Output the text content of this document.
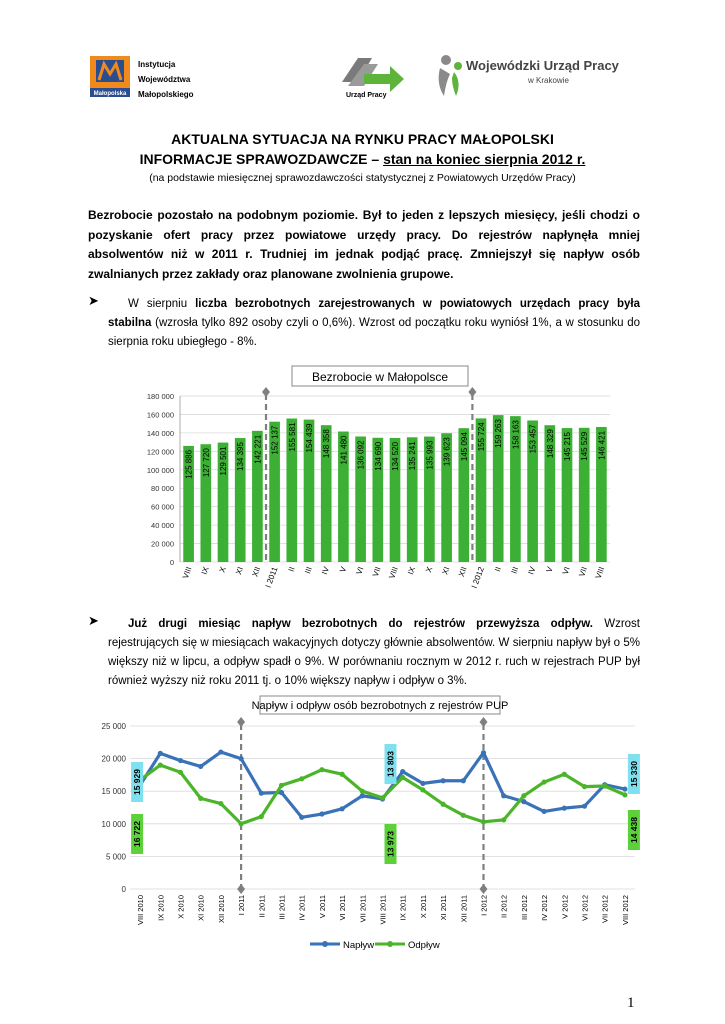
Małopolska
Instytucja
Województwa
Małopolskiego	Urząd Pracy
Wojewódzki Urząd Pracy
w Krakowie
AKTUALNA SYTUACJA NA RYNKU PRACY MAŁOPOLSKI
INFORMACJE SPRAWOZDAWCZE – stan na koniec sierpnia 2012 r.
(na podstawie miesięcznej sprawozdawczości statystycznej z Powiatowych Urzędów Pracy)
Bezrobocie pozostało na podobnym poziomie. Był to jeden z lepszych miesięcy, jeśli chodzi o pozyskanie ofert pracy przez powiatowe urzędy pracy. Do rejestrów napłynęła mniej absolwentów niż w 2011 r. Trudniej im jednak podjąć pracę. Zmniejszył się napływ osób zwalnianych przez zakłady oraz planowane zwolnienia grupowe.
➤	W sierpniu liczba bezrobotnych zarejestrowanych w powiatowych urzędach pracy była stabilna (wzrosła tylko 892 osoby czyli o 0,6%). Wzrost od początku roku wyniósł 1%, a w stosunku do sierpnia roku ubiegłego - 8%.
Bezrobocie w Małopolsce
0
20 000
40 000
60 000
80 000
100 000
120 000
140 000
160 000
180 000
125 886
VIII
127 720
IX
129 501
X
134 395
XI
142 221
XII
152 137
I 2011
155 581
II
154 439
III
148 358
IV
141 480
V
136 092
VI
134 690
VII
134 520
VIII
135 241
IX
135 993
X
139 623
XI
145 094
XII
155 724
I 2012
159 263
II
158 163
III
153 457
IV
148 329
V
145 215
VI
145 529
VII
146 421
VIII
➤	Już drugi miesiąc napływ bezrobotnych do rejestrów przewyższa odpływ. Wzrost rejestrujących się w miesiącach wakacyjnych dotyczy głównie absolwentów. W sierpniu napływ był o 5% większy niż w lipcu, a odpływ spadł o 9%. W porównaniu rocznym w 2012 r. ruch w rejestrach PUP był również wyższy niż roku 2011 tj. o 10% większy napływ i odpływ o 3%.
Napływ i odpływ osób bezrobotnych z rejestrów PUP
0
5 000
10 000
15 000
20 000
25 000
VIII 2010 IX 2010 X 2010 XI 2010 XII 2010 I 2011 II 2011 III 2011 IV 2011 V 2011 VI 2011 VII 2011 VIII 2011 IX 2011 X 2011 XI 2011 XII 2011 I 2012 II 2012 III 2012 IV 2012 V 2012 VI 2012 VII 2012 VIII 2012
15 929
16 722
13 803
13 973
15 330
14 438
Napływ	Odpływ
1
